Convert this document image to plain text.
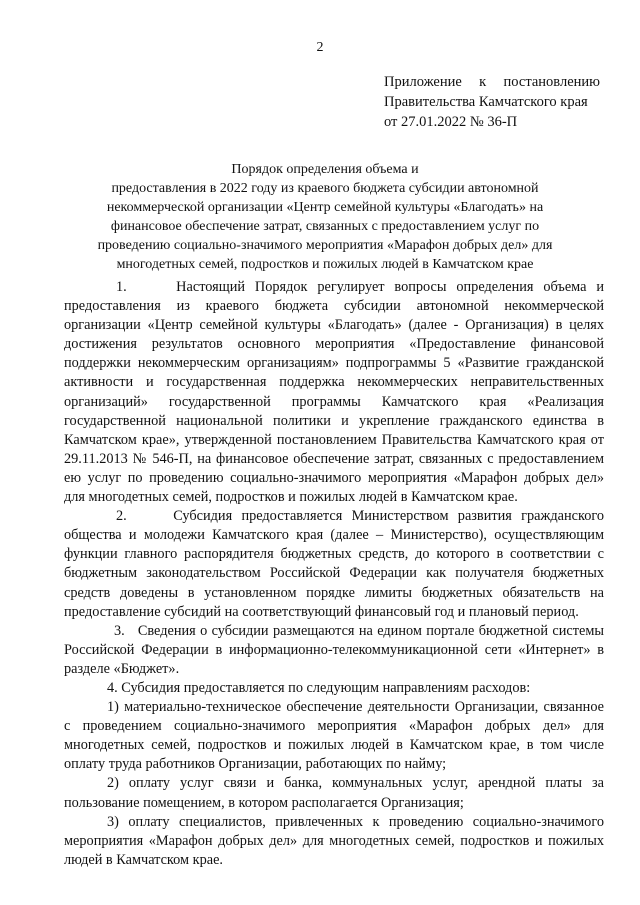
2
Приложение к постановлению
Правительства Камчатского края
от 27.01.2022 № 36-П
Порядок определения объема и
предоставления в 2022 году из краевого бюджета субсидии автономной некоммерческой организации «Центр семейной культуры «Благодать» на финансовое обеспечение затрат, связанных с предоставлением услуг по проведению социально-значимого мероприятия «Марафон добрых дел» для многодетных семей, подростков и пожилых людей в Камчатском крае

1.     Настоящий Порядок регулирует вопросы определения объема и предоставления из краевого бюджета субсидии автономной некоммерческой организации «Центр семейной культуры «Благодать» (далее - Организация) в целях достижения результатов основного мероприятия «Предоставление финансовой поддержки некоммерческим организациям» подпрограммы 5 «Развитие гражданской активности и государственная поддержка некоммерческих неправительственных организаций» государственной программы Камчатского края «Реализация государственной национальной политики и укрепление гражданского единства в Камчатском крае», утвержденной постановлением Правительства Камчатского края от 29.11.2013 № 546-П, на финансовое обеспечение затрат, связанных с предоставлением ею услуг по проведению социально-значимого мероприятия «Марафон добрых дел» для многодетных семей, подростков и пожилых людей в Камчатском крае.

2.     Субсидия предоставляется Министерством развития гражданского общества и молодежи Камчатского края (далее – Министерство), осуществляющим функции главного распорядителя бюджетных средств, до которого в соответствии с бюджетным законодательством Российской Федерации как получателя бюджетных средств доведены в установленном порядке лимиты бюджетных обязательств на предоставление субсидий на соответствующий финансовый год и плановый период.

3.   Сведения о субсидии размещаются на едином портале бюджетной системы Российской Федерации в информационно-телекоммуникационной сети «Интернет» в разделе «Бюджет».

4. Субсидия предоставляется по следующим направлениям расходов:

1) материально-техническое обеспечение деятельности Организации, связанное с проведением социально-значимого мероприятия «Марафон добрых дел» для многодетных семей, подростков и пожилых людей в Камчатском крае, в том числе оплату труда работников Организации, работающих по найму;

2) оплату услуг связи и банка, коммунальных услуг, арендной платы за пользование помещением, в котором располагается Организация;

3) оплату специалистов, привлеченных к проведению социально-значимого мероприятия «Марафон добрых дел» для многодетных семей, подростков и пожилых людей в Камчатском крае.
